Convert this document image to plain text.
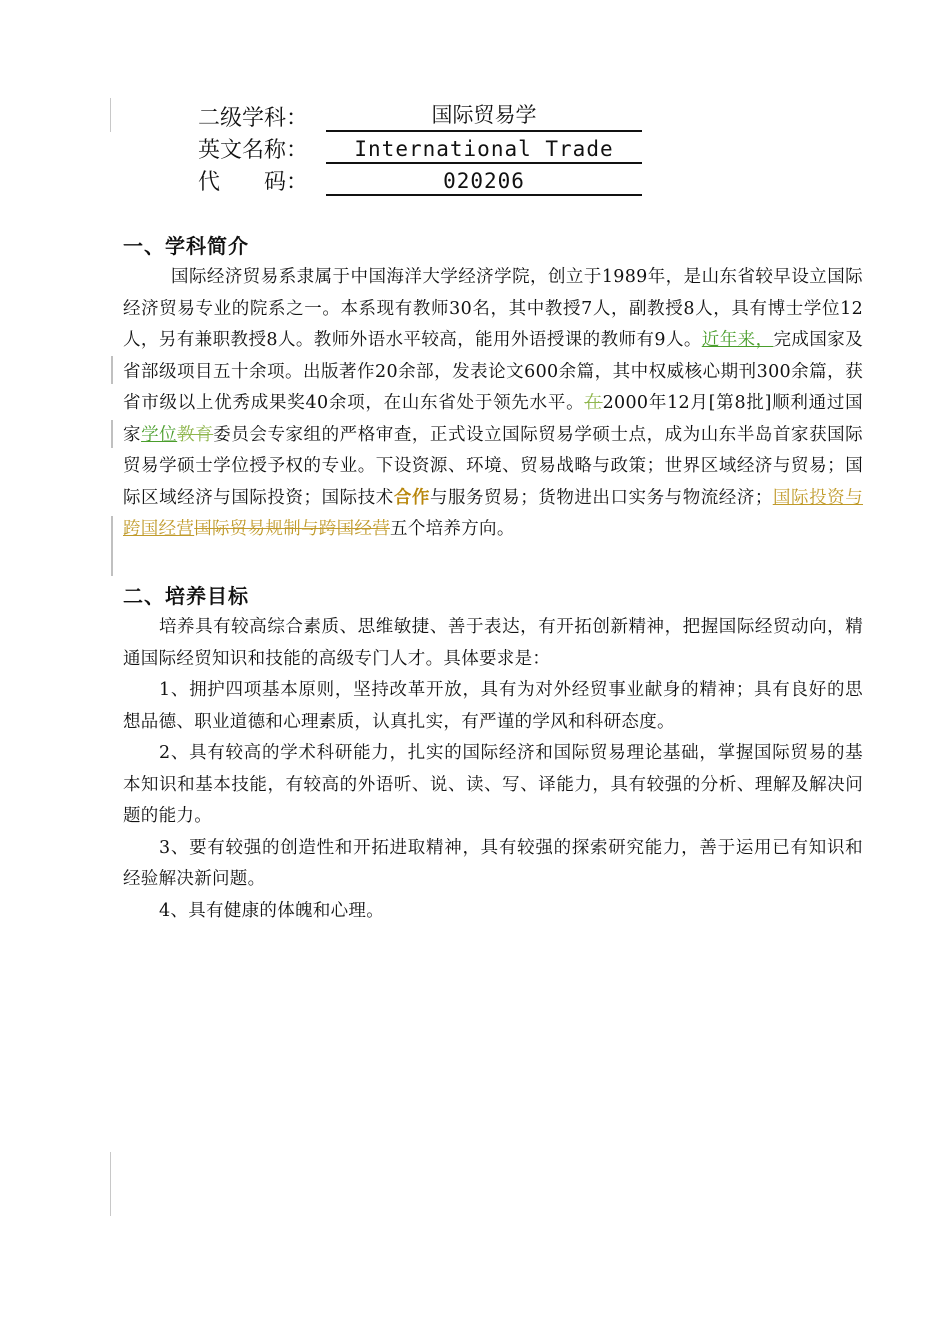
二级学科：	国际贸易学
英文名称：	International Trade
代　　码：	020206
一、学科简介
国际经济贸易系隶属于中国海洋大学经济学院，创立于1989年，是山东省较早设立国际经济贸易专业的院系之一。本系现有教师30名，其中教授7人，副教授8人，具有博士学位12人，另有兼职教授8人。教师外语水平较高，能用外语授课的教师有9人。近年来，完成国家及省部级项目五十余项。出版著作20余部，发表论文600余篇，其中权威核心期刊300余篇，获省市级以上优秀成果奖40余项，在山东省处于领先水平。在2000年12月[第8批]顺利通过国家学位教育委员会专家组的严格审查，正式设立国际贸易学硕士点，成为山东半岛首家获国际贸易学硕士学位授予权的专业。下设资源、环境、贸易战略与政策；世界区域经济与贸易；国际区域经济与国际投资；国际技术合作与服务贸易；货物进出口实务与物流经济；国际投资与跨国经营国际贸易规制与跨国经营五个培养方向。
二、培养目标
培养具有较高综合素质、思维敏捷、善于表达，有开拓创新精神，把握国际经贸动向，精通国际经贸知识和技能的高级专门人才。具体要求是：
1、拥护四项基本原则，坚持改革开放，具有为对外经贸事业献身的精神；具有良好的思想品德、职业道德和心理素质，认真扎实，有严谨的学风和科研态度。
2、具有较高的学术科研能力，扎实的国际经济和国际贸易理论基础，掌握国际贸易的基本知识和基本技能，有较高的外语听、说、读、写、译能力，具有较强的分析、理解及解决问题的能力。
3、要有较强的创造性和开拓进取精神，具有较强的探索研究能力，善于运用已有知识和经验解决新问题。
4、具有健康的体魄和心理。
